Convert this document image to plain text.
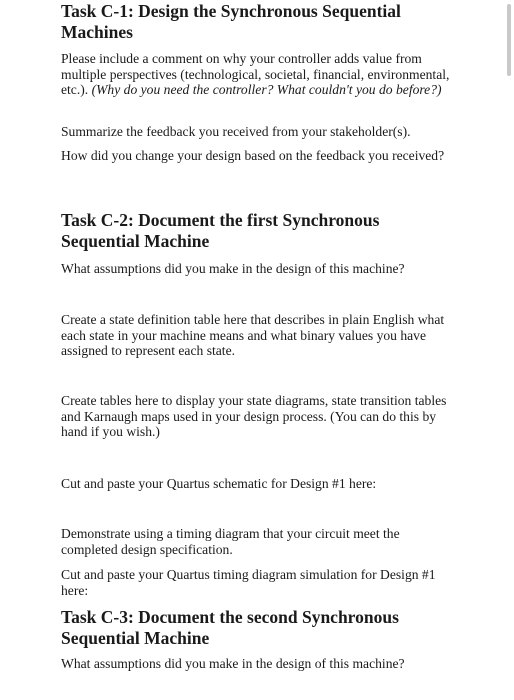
Task C-1: Design the Synchronous Sequential Machines

Please include a comment on why your controller adds value from multiple perspectives (technological, societal, financial, environmental, etc.). (Why do you need the controller? What couldn't you do before?)

Summarize the feedback you received from your stakeholder(s).

How did you change your design based on the feedback you received?

Task C-2: Document the first Synchronous Sequential Machine

What assumptions did you make in the design of this machine?

Create a state definition table here that describes in plain English what each state in your machine means and what binary values you have assigned to represent each state.

Create tables here to display your state diagrams, state transition tables and Karnaugh maps used in your design process. (You can do this by hand if you wish.)

Cut and paste your Quartus schematic for Design #1 here:

Demonstrate using a timing diagram that your circuit meet the completed design specification.

Cut and paste your Quartus timing diagram simulation for Design #1 here:

Task C-3: Document the second Synchronous Sequential Machine

What assumptions did you make in the design of this machine?
